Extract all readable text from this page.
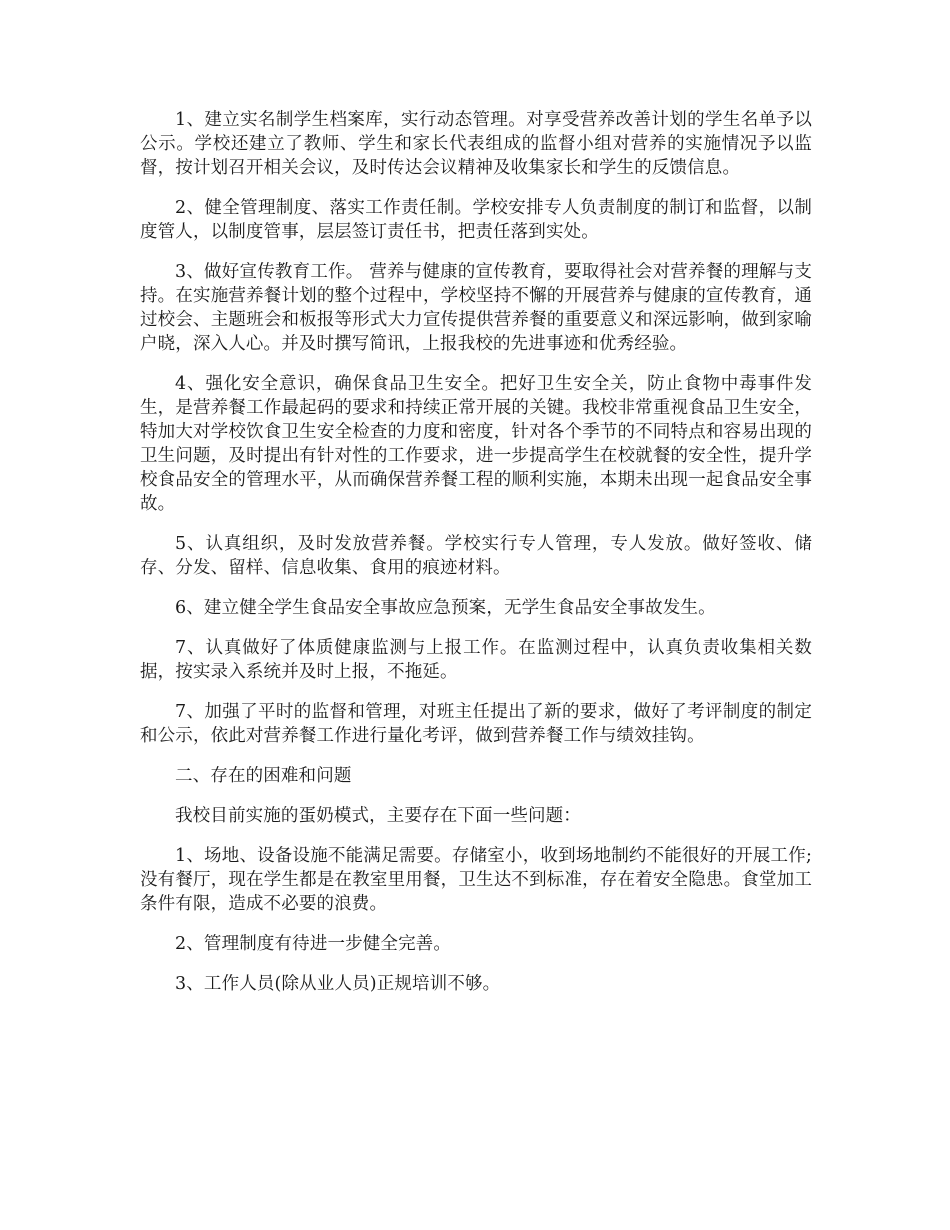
1、建立实名制学生档案库，实行动态管理。对享受营养改善计划的学生名单予以公示。学校还建立了教师、学生和家长代表组成的监督小组对营养的实施情况予以监督，按计划召开相关会议，及时传达会议精神及收集家长和学生的反馈信息。

2、健全管理制度、落实工作责任制。学校安排专人负责制度的制订和监督，以制度管人，以制度管事，层层签订责任书，把责任落到实处。

3、做好宣传教育工作。 营养与健康的宣传教育，要取得社会对营养餐的理解与支持。在实施营养餐计划的整个过程中，学校坚持不懈的开展营养与健康的宣传教育，通过校会、主题班会和板报等形式大力宣传提供营养餐的重要意义和深远影响，做到家喻户晓，深入人心。并及时撰写简讯，上报我校的先进事迹和优秀经验。

4、强化安全意识，确保食品卫生安全。把好卫生安全关，防止食物中毒事件发生，是营养餐工作最起码的要求和持续正常开展的关键。我校非常重视食品卫生安全，特加大对学校饮食卫生安全检查的力度和密度，针对各个季节的不同特点和容易出现的卫生问题，及时提出有针对性的工作要求，进一步提高学生在校就餐的安全性，提升学校食品安全的管理水平，从而确保营养餐工程的顺利实施，本期未出现一起食品安全事故。

5、认真组织，及时发放营养餐。学校实行专人管理，专人发放。做好签收、储存、分发、留样、信息收集、食用的痕迹材料。

6、建立健全学生食品安全事故应急预案，无学生食品安全事故发生。

7、认真做好了体质健康监测与上报工作。在监测过程中，认真负责收集相关数据，按实录入系统并及时上报，不拖延。

7、加强了平时的监督和管理，对班主任提出了新的要求，做好了考评制度的制定和公示，依此对营养餐工作进行量化考评，做到营养餐工作与绩效挂钩。

二、存在的困难和问题

我校目前实施的蛋奶模式，主要存在下面一些问题：

1、场地、设备设施不能满足需要。存储室小，收到场地制约不能很好的开展工作;没有餐厅，现在学生都是在教室里用餐，卫生达不到标准，存在着安全隐患。食堂加工条件有限，造成不必要的浪费。

2、管理制度有待进一步健全完善。

3、工作人员(除从业人员)正规培训不够。
